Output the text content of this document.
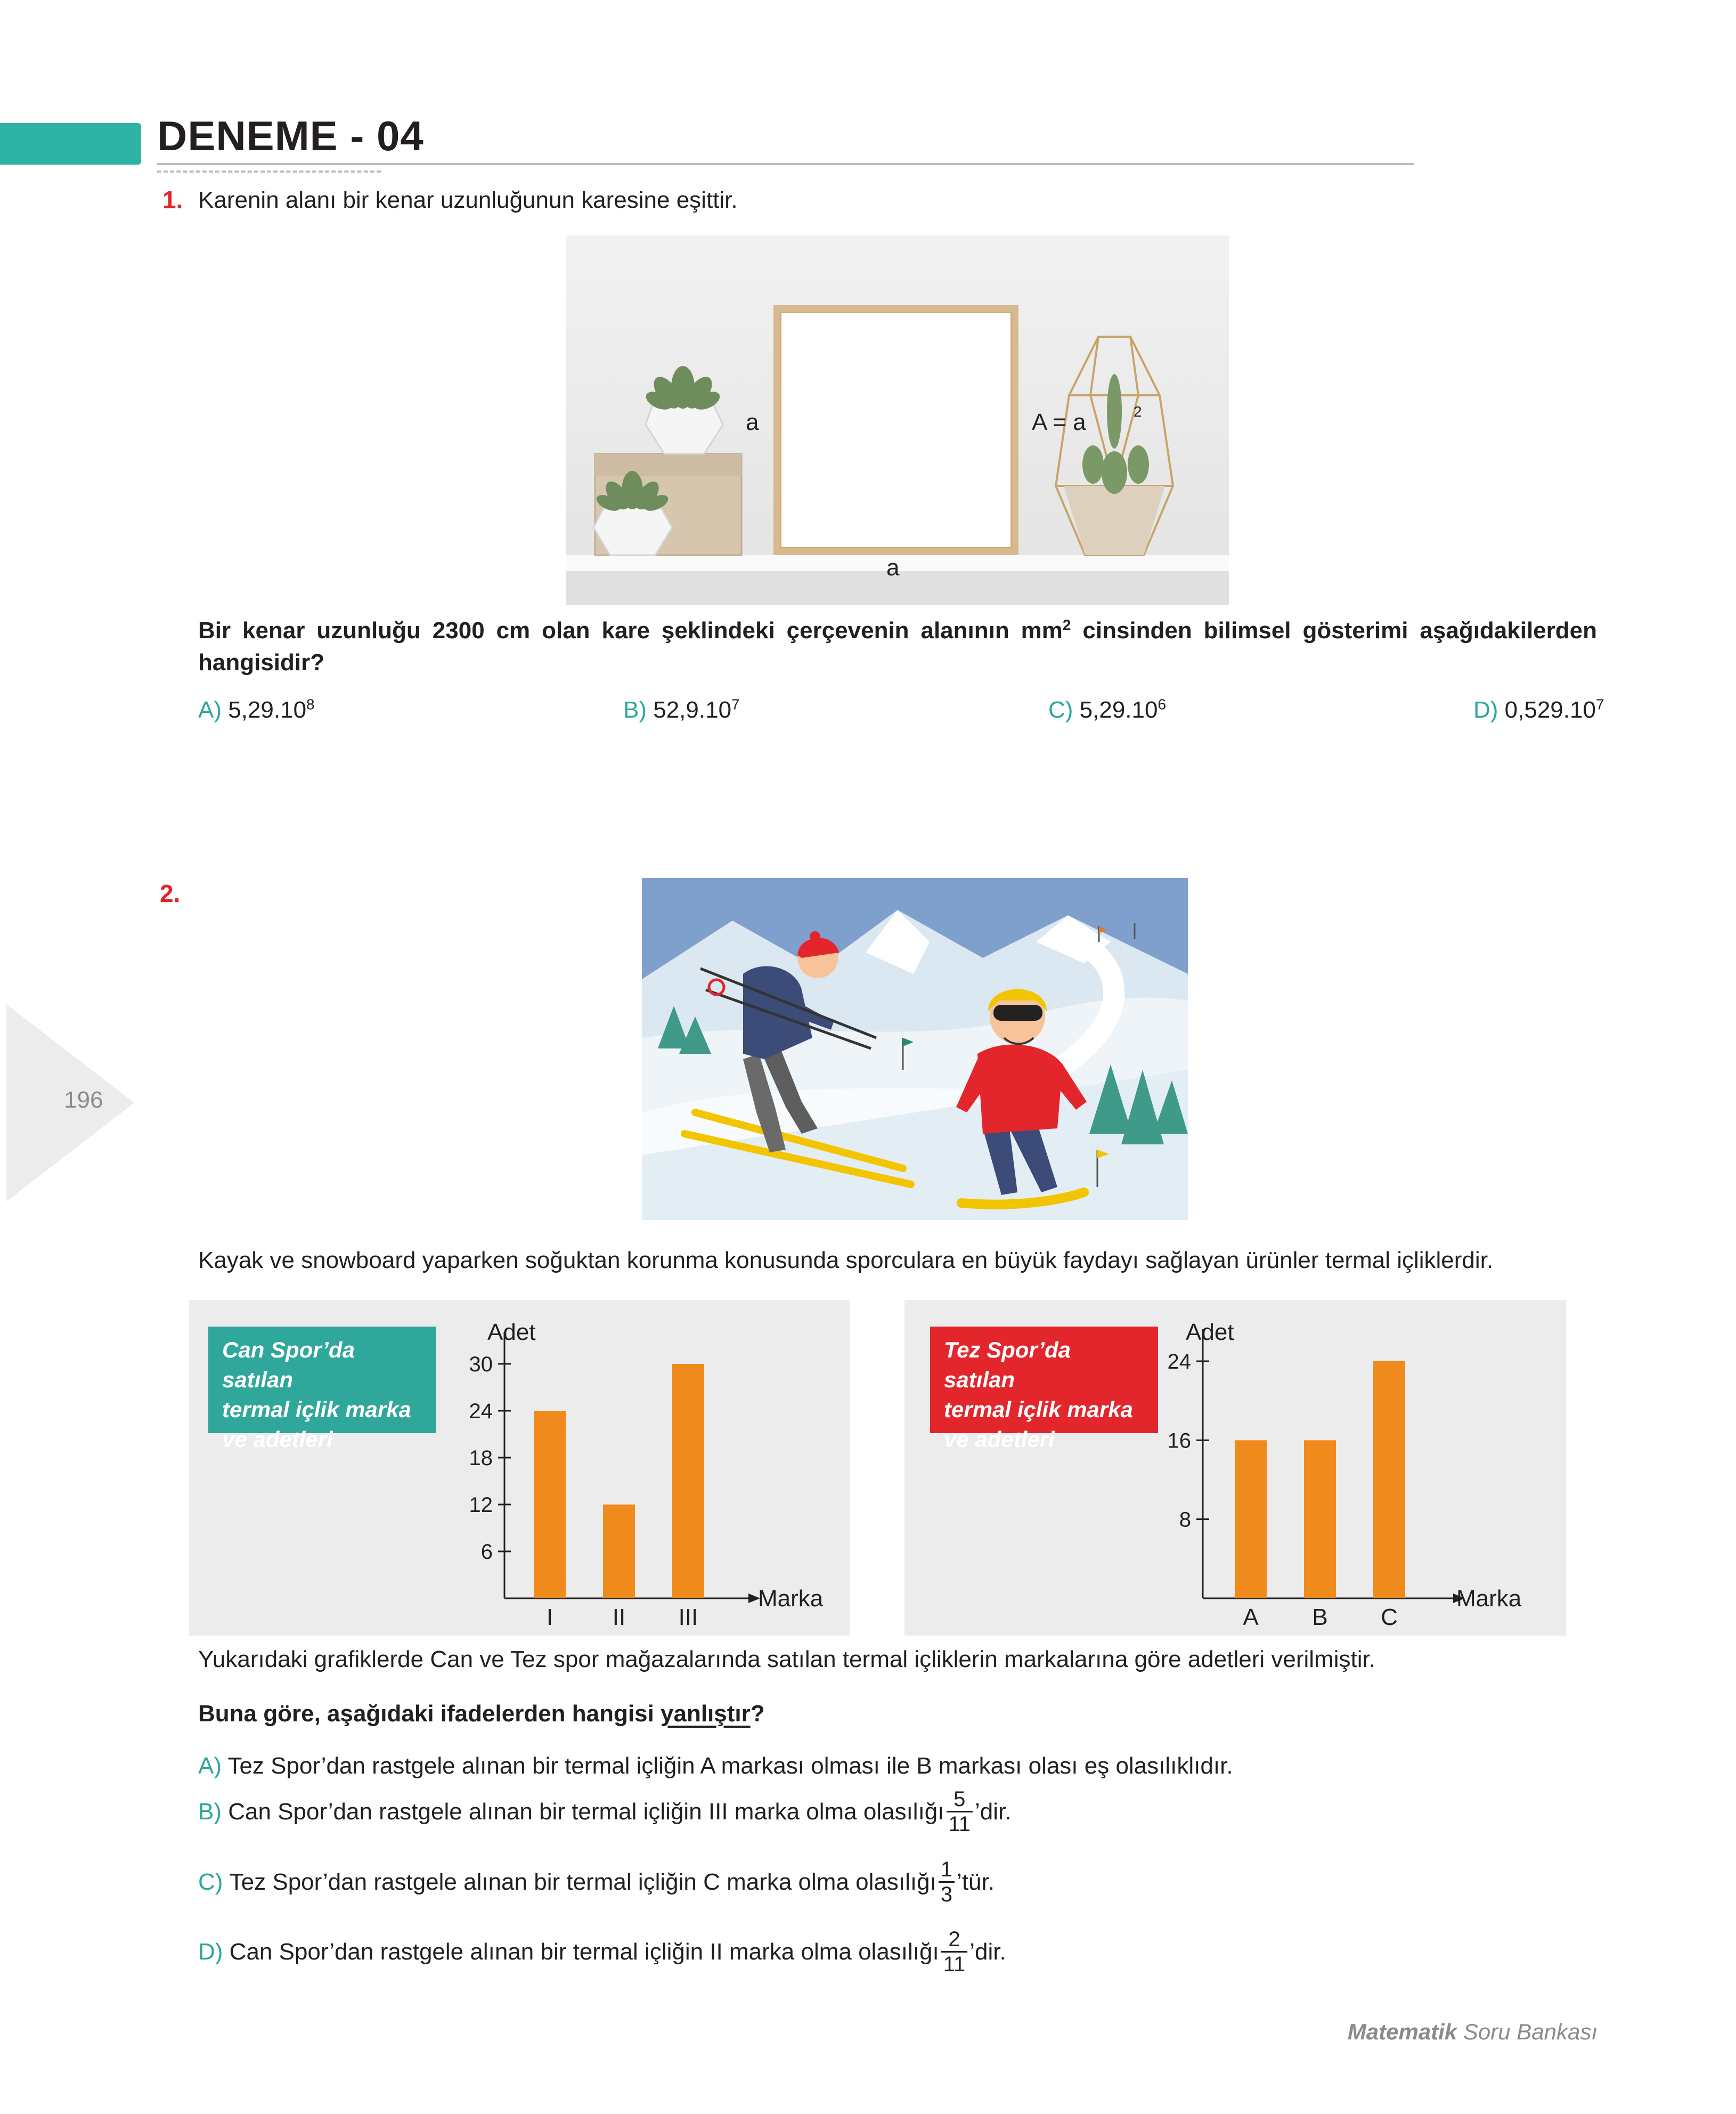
DENEME - 04
1. Karenin alanı bir kenar uzunluğunun karesine eşittir.
a
a
A = a	2
Bir kenar uzunluğu 2300 cm olan kare şeklindeki çerçevenin alanının $mm^2$ cinsinden bilimsel gösterimi aşağıdakilerden hangisidir?
A) 5,29.10$^8$	B) 52,9.10$^7$	C) 5,29.10$^6$	D) 0,529.10$^7$
196
2.
Kayak ve snowboard yaparken soğuktan korunma konusunda sporculara en büyük faydayı sağlayan ürünler termal içliklerdir.
Can Spor’da satılan
termal içlik marka
ve adetleri
Adet
Marka
6
12
18
24
30
I	II III
Tez Spor’da satılan
termal içlik marka
ve adetleri
Adet
Marka
8
16
24
A B C
Yukarıdaki grafiklerde Can ve Tez spor mağazalarında satılan termal içliklerin markalarına göre adetleri verilmiştir.
Buna göre, aşağıdaki ifadelerden hangisi yanlıştır?
A) Tez Spor’dan rastgele alınan bir termal içliğin A markası olması ile B markası olası eş olasılıklıdır.
B)
Can Spor’dan rastgele alınan bir termal içliğin III marka olma olasılığı $\frac{5}{11}$ ’dir.
C)
Tez Spor’dan rastgele alınan bir termal içliğin C marka olma olasılığı $\frac{1}{3}$ ’tür.
D)
Can Spor’dan rastgele alınan bir termal içliğin II marka olma olasılığı $\frac{2}{11}$ ’dir.
Matematik Soru Bankası
